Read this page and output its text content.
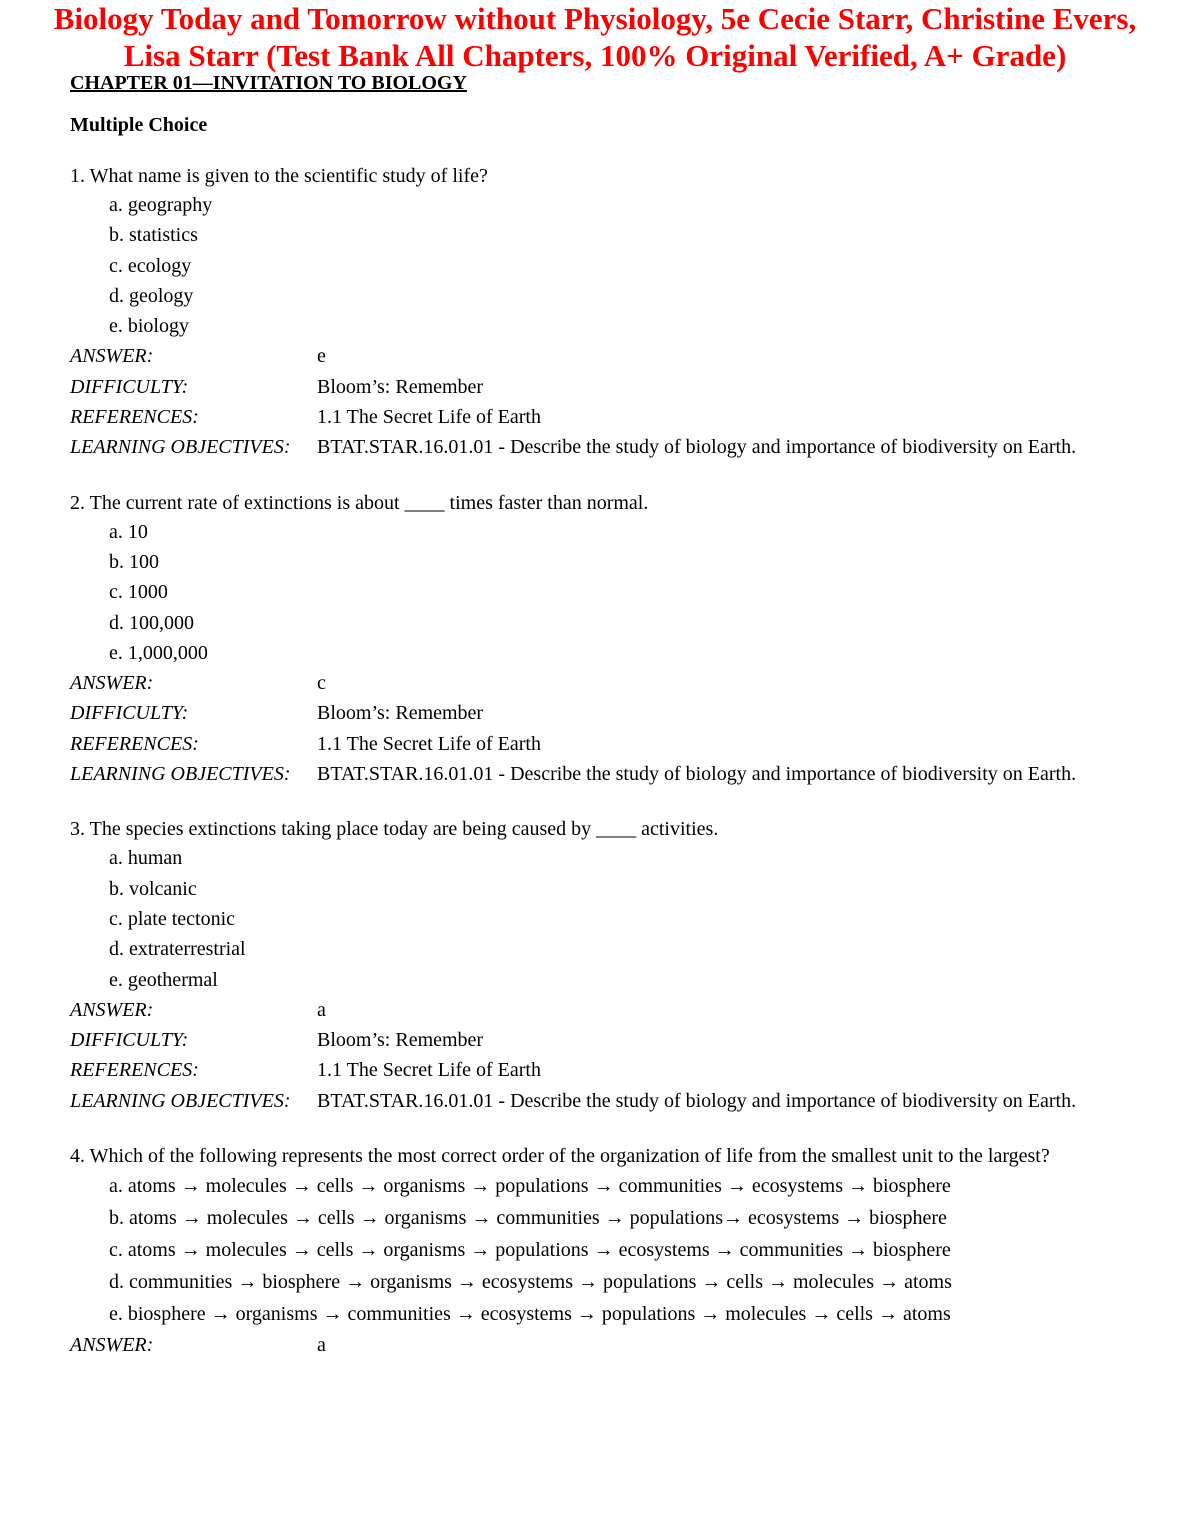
Biology Today and Tomorrow without Physiology, 5e Cecie Starr, Christine Evers,
Lisa Starr (Test Bank All Chapters, 100% Original Verified, A+ Grade)
CHAPTER 01—INVITATION TO BIOLOGY
Multiple Choice
1. What name is given to the scientific study of life?
a. geography
b. statistics
c. ecology
d. geology
e. biology
ANSWER:	e
DIFFICULTY:	Bloom’s: Remember
REFERENCES:	1.1 The Secret Life of Earth
LEARNING OBJECTIVES:	BTAT.STAR.16.01.01 - Describe the study of biology and importance of biodiversity on Earth.
2. The current rate of extinctions is about ____ times faster than normal.
a. 10
b. 100
c. 1000
d. 100,000
e. 1,000,000
ANSWER:	c
DIFFICULTY:	Bloom’s: Remember
REFERENCES:	1.1 The Secret Life of Earth
LEARNING OBJECTIVES:	BTAT.STAR.16.01.01 - Describe the study of biology and importance of biodiversity on Earth.
3. The species extinctions taking place today are being caused by ____ activities.
a. human
b. volcanic
c. plate tectonic
d. extraterrestrial
e. geothermal
ANSWER:	a
DIFFICULTY:	Bloom’s: Remember
REFERENCES:	1.1 The Secret Life of Earth
LEARNING OBJECTIVES:	BTAT.STAR.16.01.01 - Describe the study of biology and importance of biodiversity on Earth.
4. Which of the following represents the most correct order of the organization of life from the smallest unit to the largest?
a. atoms → molecules → cells → organisms → populations → communities → ecosystems → biosphere
b. atoms → molecules → cells → organisms → communities → populations→ ecosystems → biosphere
c. atoms → molecules → cells → organisms → populations → ecosystems → communities → biosphere
d. communities → biosphere → organisms → ecosystems → populations → cells → molecules → atoms
e. biosphere → organisms → communities → ecosystems → populations → molecules → cells → atoms
ANSWER:	a
